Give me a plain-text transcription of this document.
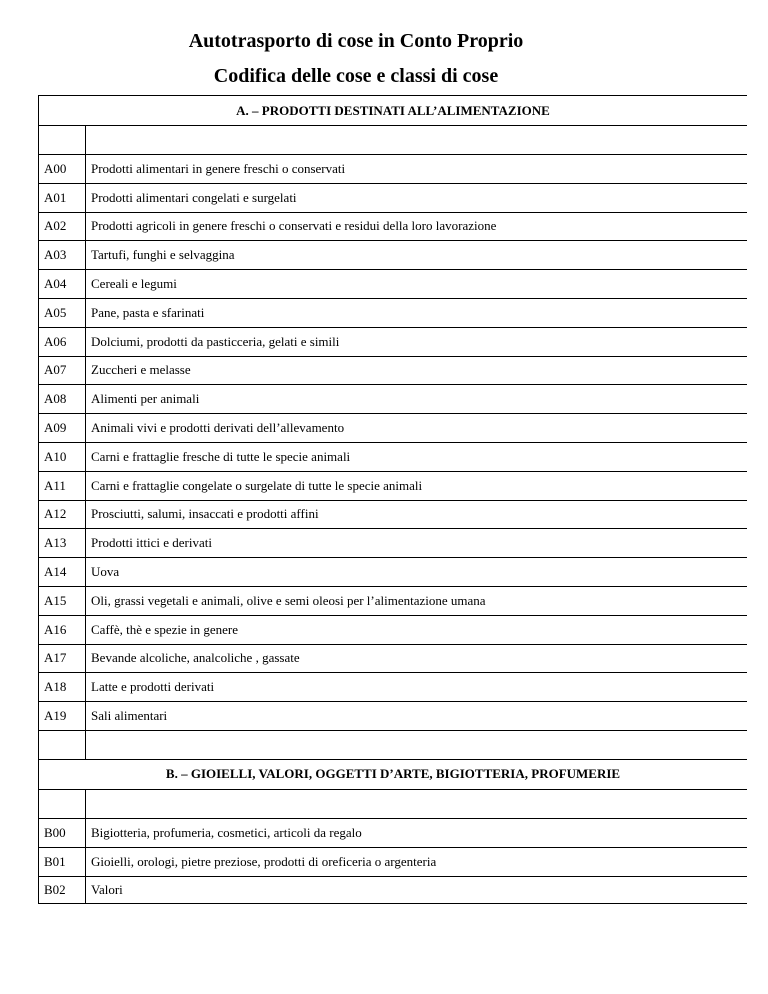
Autotrasporto di cose in Conto Proprio
Codifica delle cose e classi di cose
A. – PRODOTTI DESTINATI ALL’ALIMENTAZIONE
A00	Prodotti alimentari in genere freschi o conservati
A01	Prodotti alimentari congelati e surgelati
A02	Prodotti agricoli in genere freschi o conservati e residui della loro lavorazione
A03	Tartufi, funghi e selvaggina
A04	Cereali e legumi
A05	Pane, pasta e sfarinati
A06	Dolciumi, prodotti da pasticceria, gelati e simili
A07	Zuccheri e melasse
A08	Alimenti per animali
A09	Animali vivi e prodotti derivati dell’allevamento
A10	Carni e frattaglie fresche di tutte le specie animali
A11	Carni e frattaglie congelate o surgelate di tutte le specie animali
A12	Prosciutti, salumi, insaccati e prodotti affini
A13	Prodotti ittici e derivati
A14	Uova
A15	Oli, grassi vegetali e animali, olive e semi oleosi per l’alimentazione umana
A16	Caffè, thè e spezie in genere
A17	Bevande alcoliche, analcoliche , gassate
A18	Latte e prodotti derivati
A19	Sali alimentari
B. – GIOIELLI, VALORI, OGGETTI D’ARTE, BIGIOTTERIA, PROFUMERIE
B00	Bigiotteria, profumeria, cosmetici, articoli da regalo
B01	Gioielli, orologi, pietre preziose, prodotti di oreficeria o argenteria
B02	Valori
